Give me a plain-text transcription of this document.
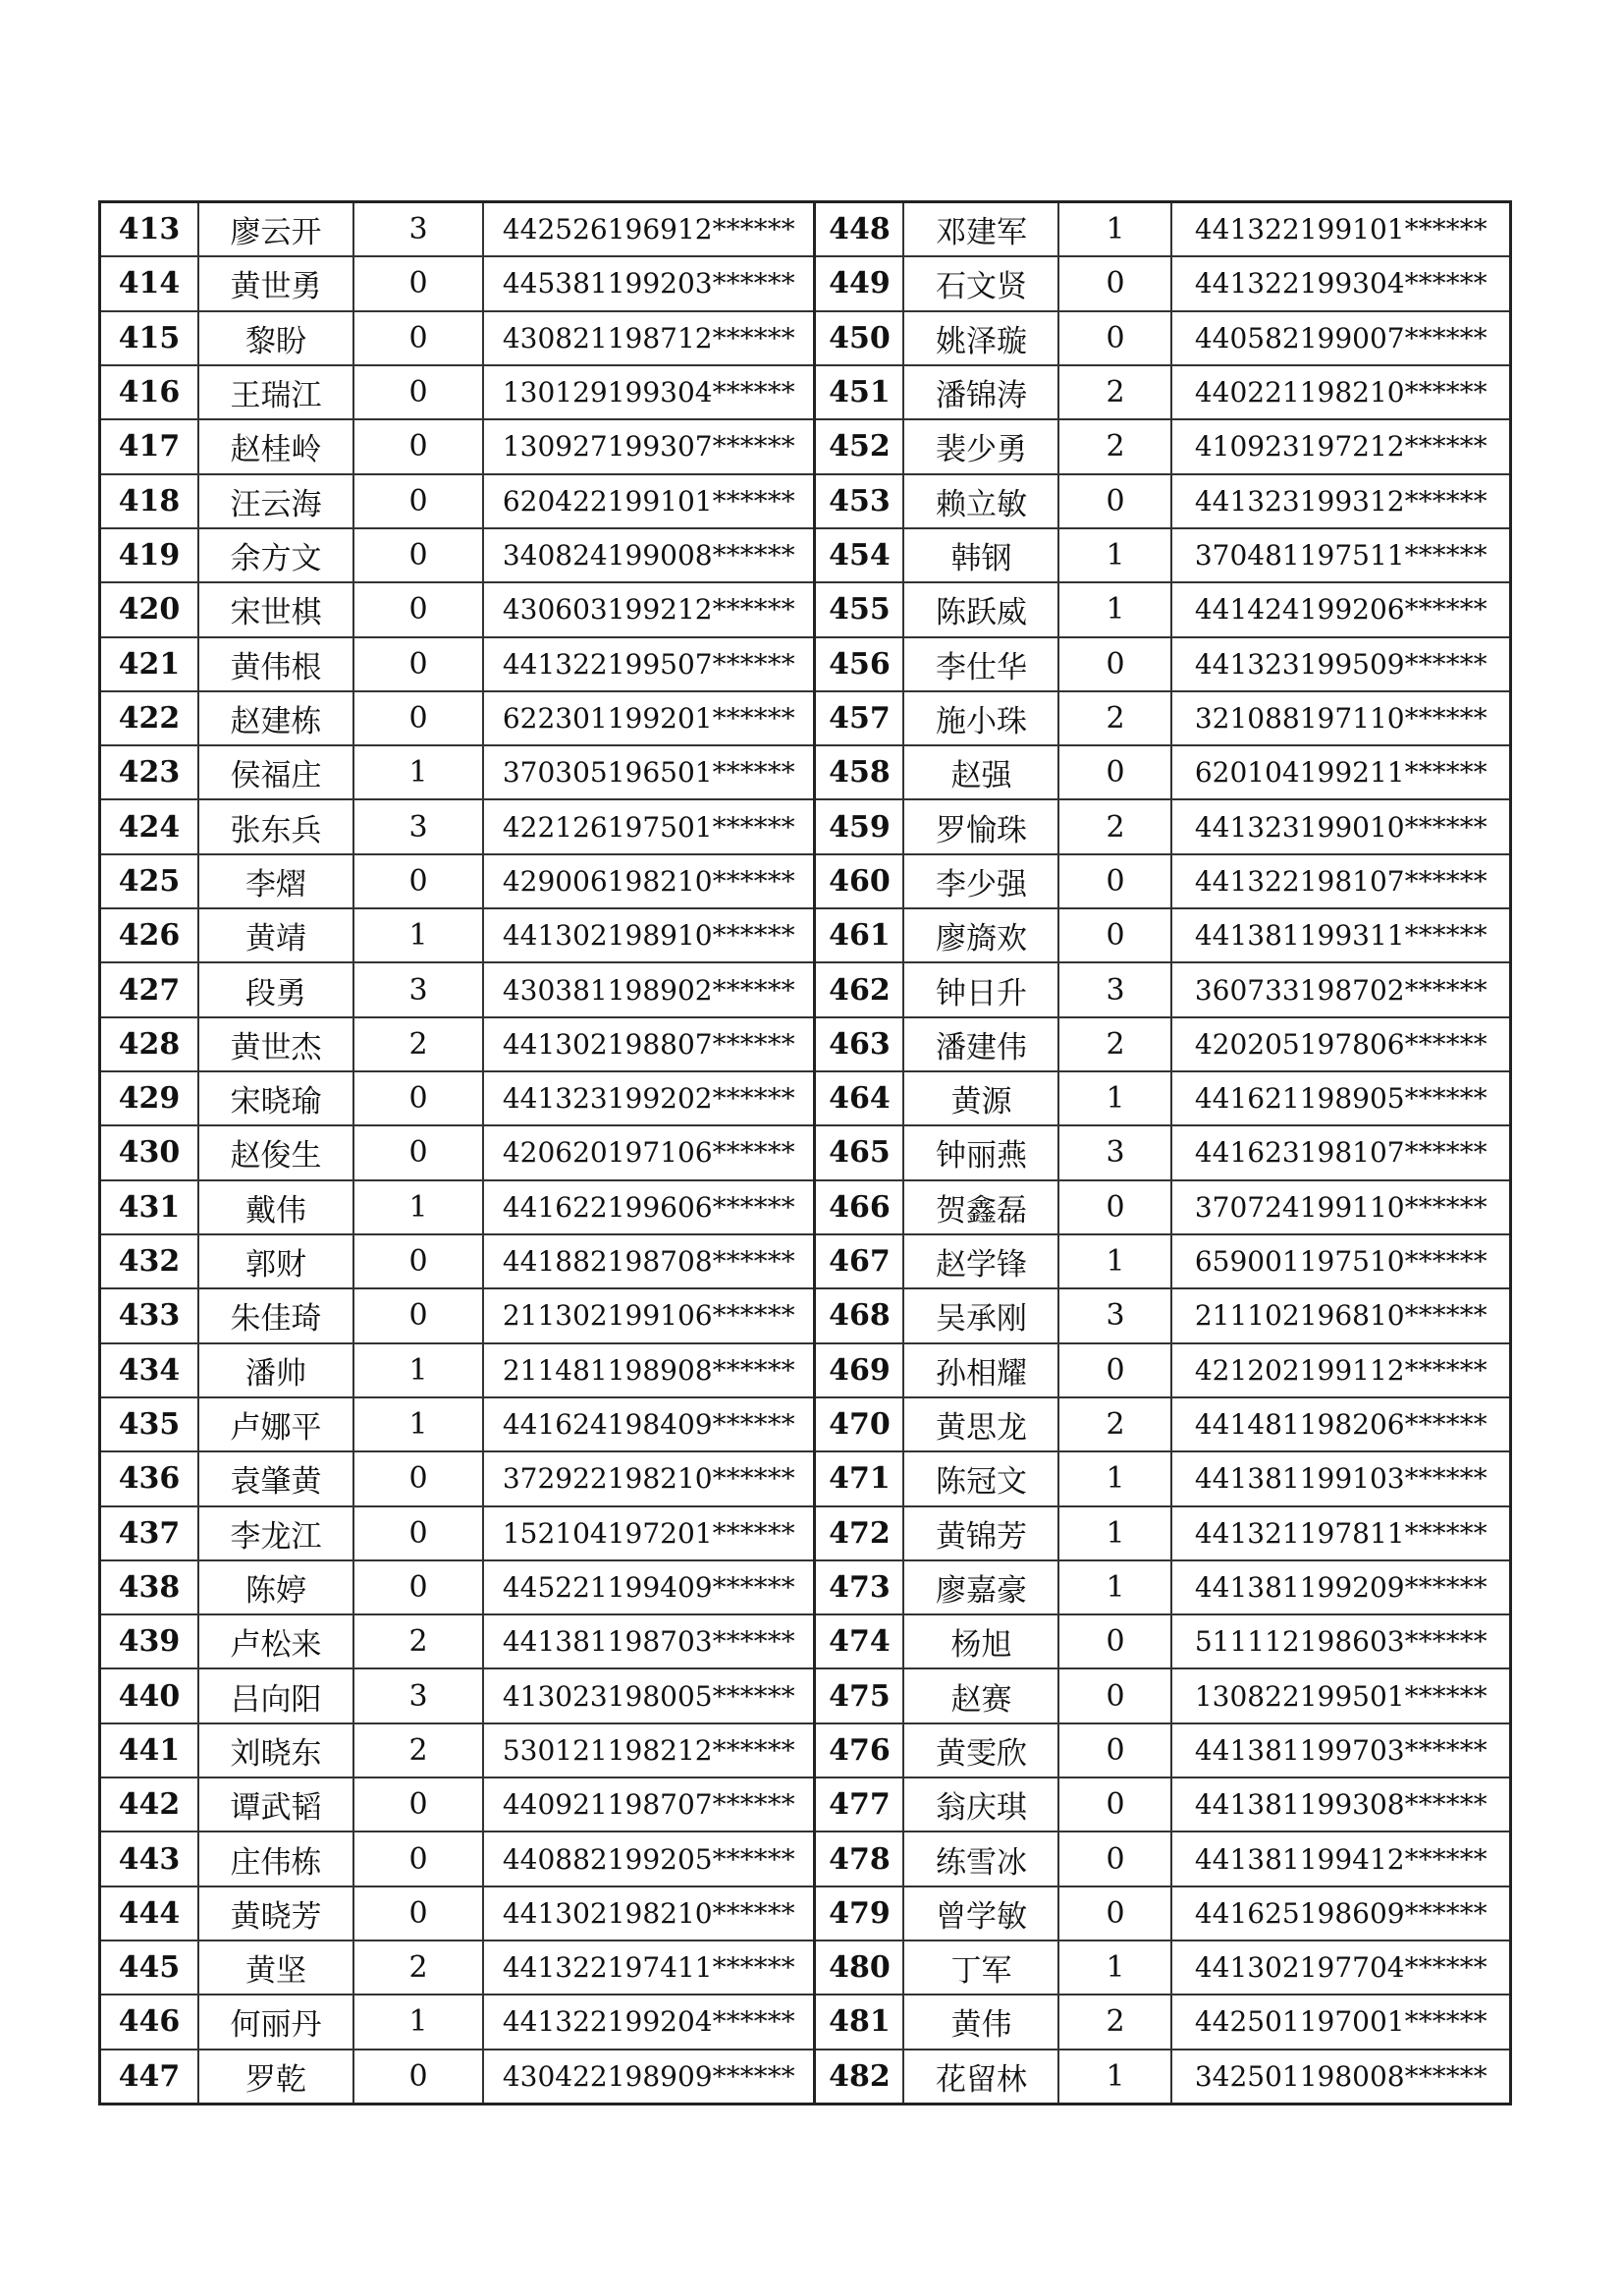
413	廖云开	3	442526196912******
414	黄世勇	0	445381199203******
415	黎盼	0	430821198712******
416	王瑞江	0	130129199304******
417	赵桂岭	0	130927199307******
418	汪云海	0	620422199101******
419	余方文	0	340824199008******
420	宋世棋	0	430603199212******
421	黄伟根	0	441322199507******
422	赵建栋	0	622301199201******
423	侯福庄	1	370305196501******
424	张东兵	3	422126197501******
425	李熠	0	429006198210******
426	黄靖	1	441302198910******
427	段勇	3	430381198902******
428	黄世杰	2	441302198807******
429	宋晓瑜	0	441323199202******
430	赵俊生	0	420620197106******
431	戴伟	1	441622199606******
432	郭财	0	441882198708******
433	朱佳琦	0	211302199106******
434	潘帅	1	211481198908******
435	卢娜平	1	441624198409******
436	袁肇黄	0	372922198210******
437	李龙江	0	152104197201******
438	陈婷	0	445221199409******
439	卢松来	2	441381198703******
440	吕向阳	3	413023198005******
441	刘晓东	2	530121198212******
442	谭武韬	0	440921198707******
443	庄伟栋	0	440882199205******
444	黄晓芳	0	441302198210******
445	黄坚	2	441322197411******
446	何丽丹	1	441322199204******
447	罗乾	0	430422198909******
448	邓建军	1	441322199101******
449	石文贤	0	441322199304******
450	姚泽璇	0	440582199007******
451	潘锦涛	2	440221198210******
452	裴少勇	2	410923197212******
453	赖立敏	0	441323199312******
454	韩钢	1	370481197511******
455	陈跃威	1	441424199206******
456	李仕华	0	441323199509******
457	施小珠	2	321088197110******
458	赵强	0	620104199211******
459	罗愉珠	2	441323199010******
460	李少强	0	441322198107******
461	廖旖欢	0	441381199311******
462	钟日升	3	360733198702******
463	潘建伟	2	420205197806******
464	黄源	1	441621198905******
465	钟丽燕	3	441623198107******
466	贺鑫磊	0	370724199110******
467	赵学锋	1	659001197510******
468	吴承刚	3	211102196810******
469	孙相耀	0	421202199112******
470	黄思龙	2	441481198206******
471	陈冠文	1	441381199103******
472	黄锦芳	1	441321197811******
473	廖嘉豪	1	441381199209******
474	杨旭	0	511112198603******
475	赵赛	0	130822199501******
476	黄雯欣	0	441381199703******
477	翁庆琪	0	441381199308******
478	练雪冰	0	441381199412******
479	曾学敏	0	441625198609******
480	丁军	1	441302197704******
481	黄伟	2	442501197001******
482	花留林	1	342501198008******
